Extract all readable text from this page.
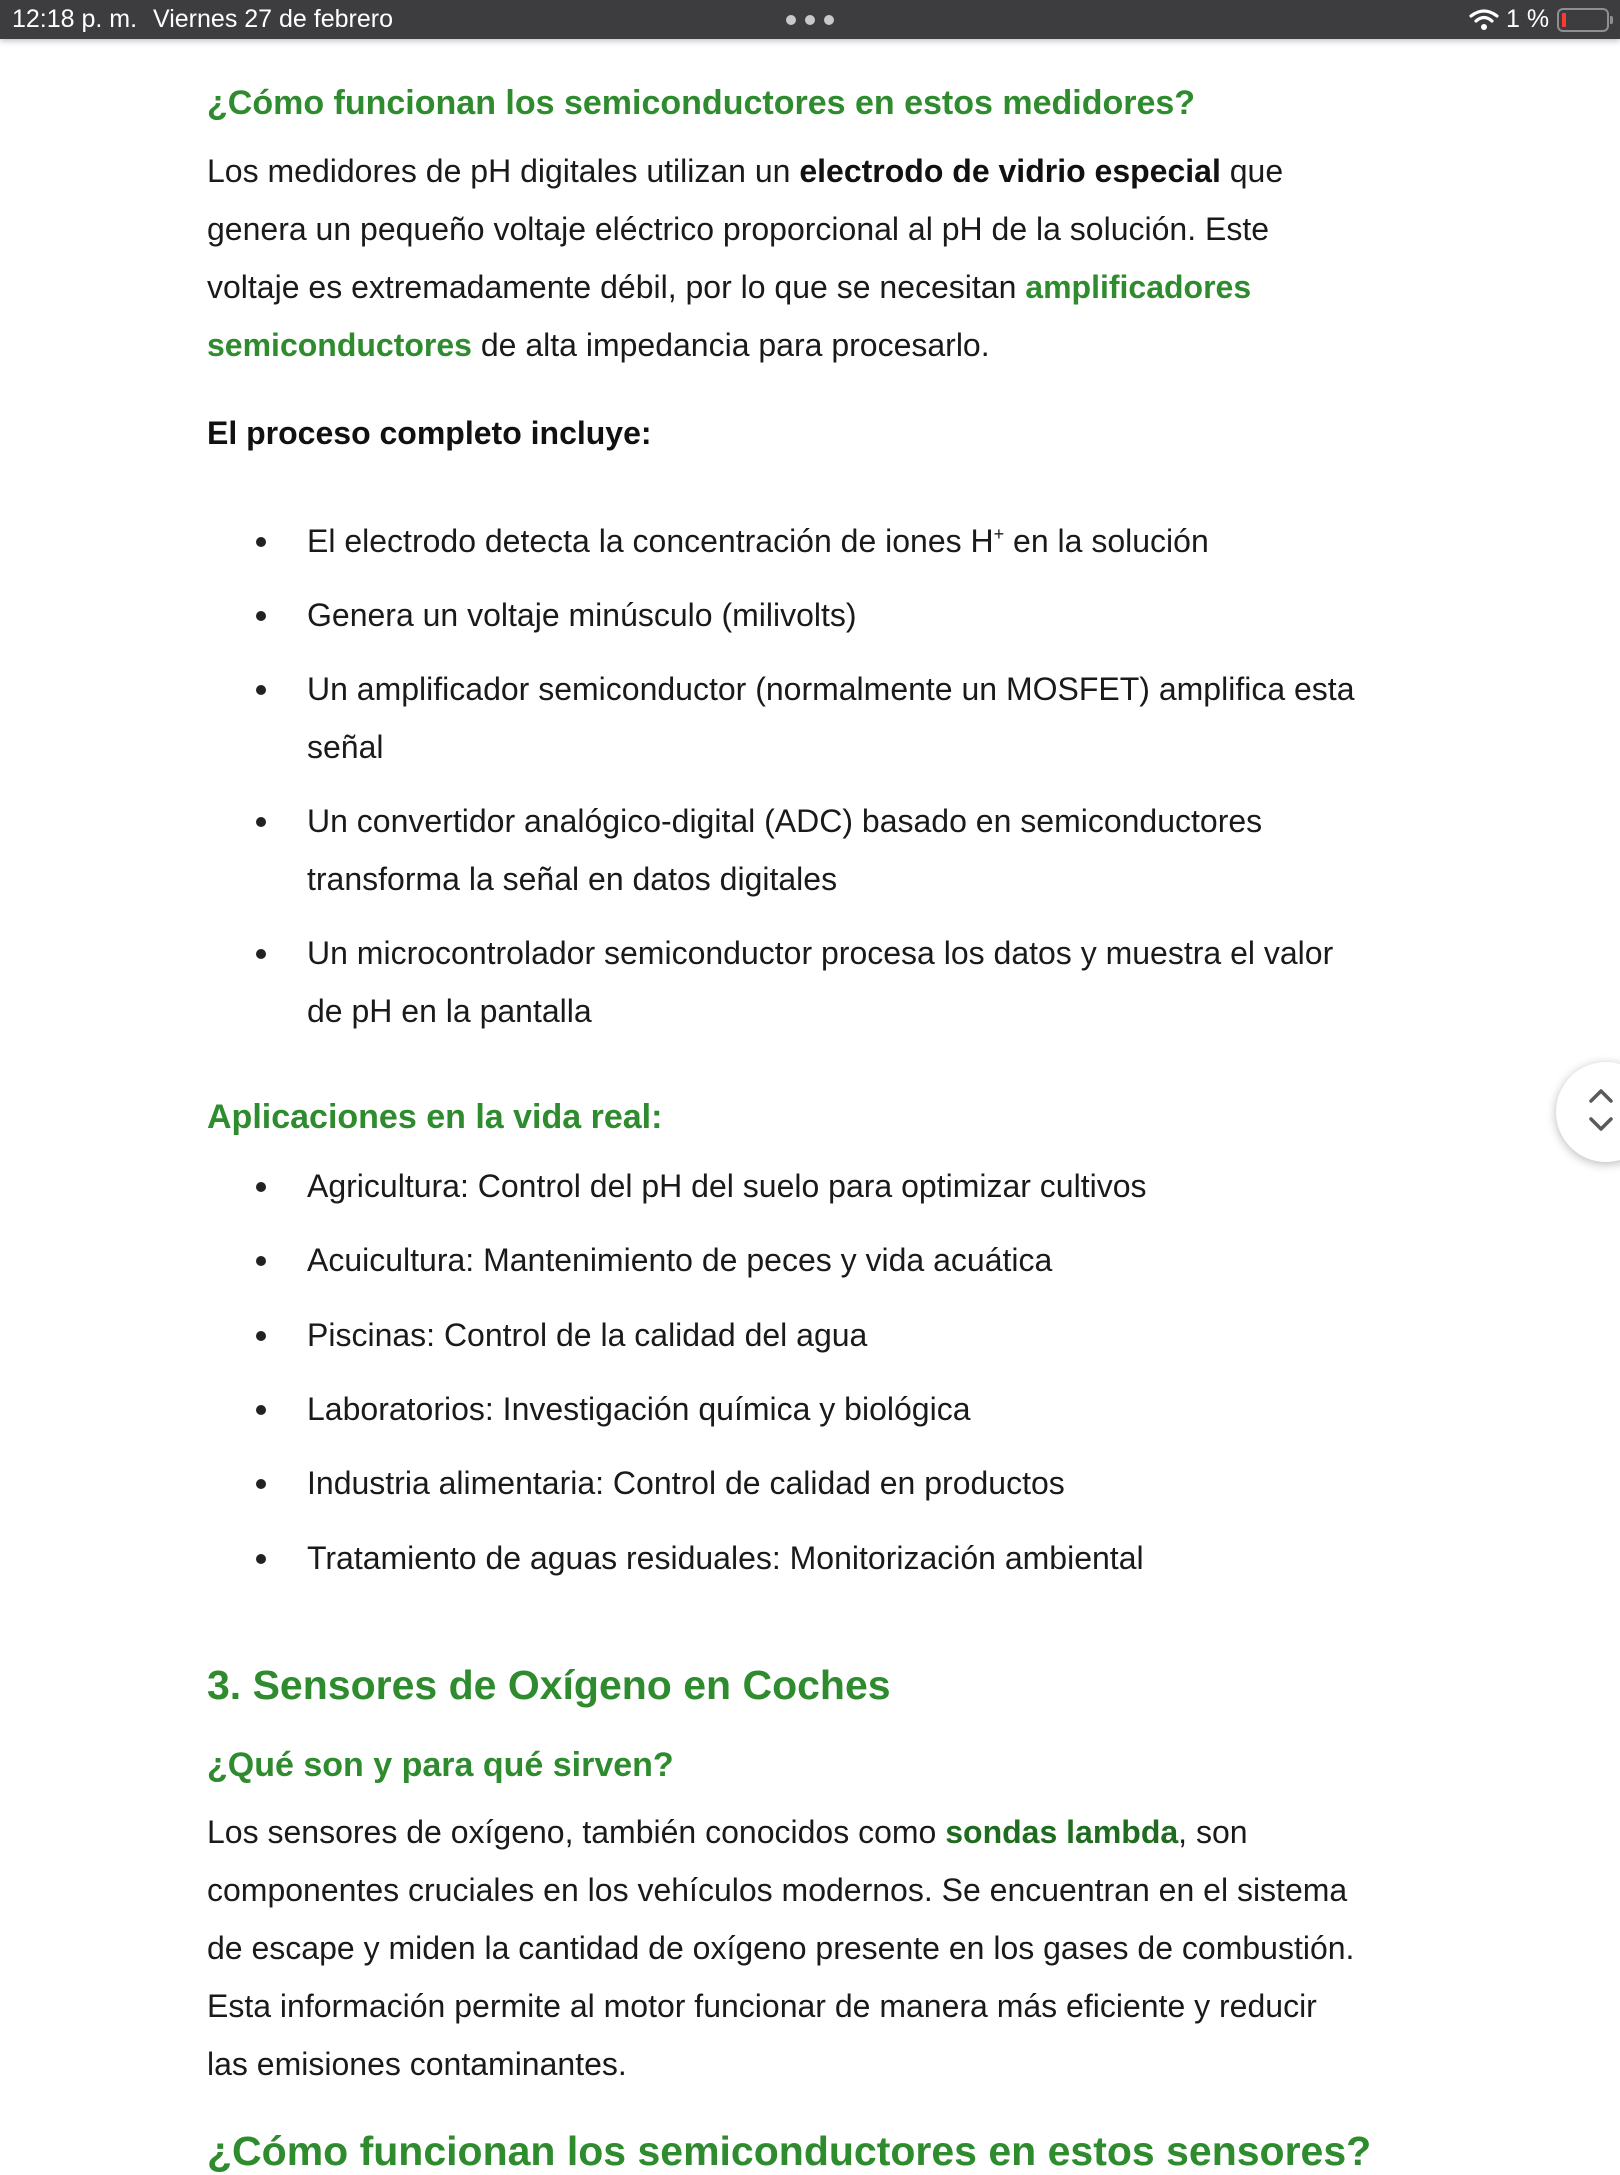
12:18 p. m. Viernes 27 de febrero	1 %
¿Cómo funcionan los semiconductores en estos medidores?

Los medidores de pH digitales utilizan un electrodo de vidrio especial que genera un pequeño voltaje eléctrico proporcional al pH de la solución. Este voltaje es extremadamente débil, por lo que se necesitan amplificadores semiconductores de alta impedancia para procesarlo.

El proceso completo incluye:

El electrodo detecta la concentración de iones H+ en la solución

Genera un voltaje minúsculo (milivolts)

Un amplificador semiconductor (normalmente un MOSFET) amplifica esta señal

Un convertidor analógico-digital (ADC) basado en semiconductores transforma la señal en datos digitales

Un microcontrolador semiconductor procesa los datos y muestra el valor de pH en la pantalla

Aplicaciones en la vida real:

Agricultura: Control del pH del suelo para optimizar cultivos

Acuicultura: Mantenimiento de peces y vida acuática

Piscinas: Control de la calidad del agua

Laboratorios: Investigación química y biológica

Industria alimentaria: Control de calidad en productos

Tratamiento de aguas residuales: Monitorización ambiental

3. Sensores de Oxígeno en Coches
¿Qué son y para qué sirven?

Los sensores de oxígeno, también conocidos como sondas lambda, son componentes cruciales en los vehículos modernos. Se encuentran en el sistema de escape y miden la cantidad de oxígeno presente en los gases de combustión. Esta información permite al motor funcionar de manera más eficiente y reducir las emisiones contaminantes.

¿Cómo funcionan los semiconductores en estos sensores?
